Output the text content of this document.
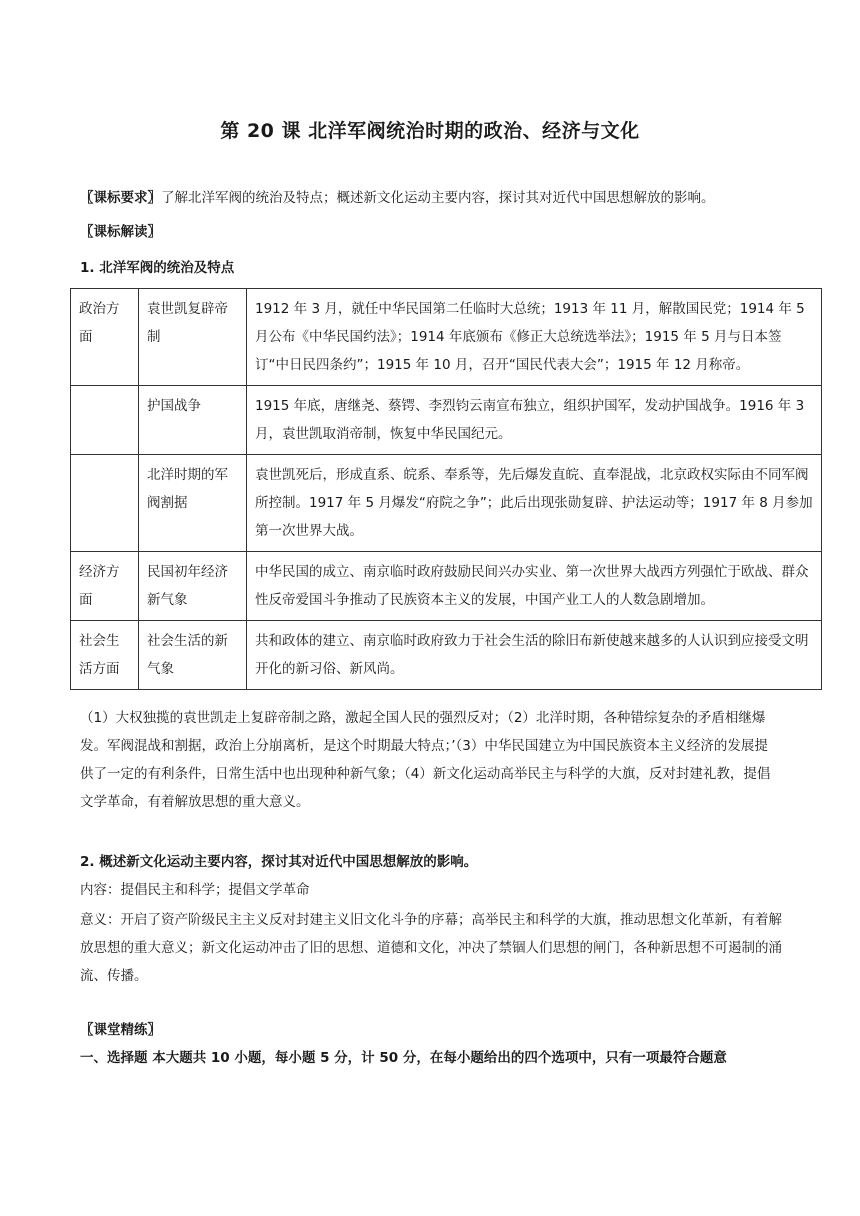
第 20 课 北洋军阀统治时期的政治、经济与文化
〖课标要求〗了解北洋军阀的统治及特点；概述新文化运动主要内容，探讨其对近代中国思想解放的影响。
〖课标解读〗
1. 北洋军阀的统治及特点
政治方面	袁世凯复辟帝制	1912 年 3 月，就任中华民国第二任临时大总统；1913 年 11 月，解散国民党；1914 年 5 月公布《中华民国约法》；1914 年底颁布《修正大总统选举法》；1915 年 5 月与日本签订“中日民四条约”；1915 年 10 月，召开“国民代表大会”；1915 年 12 月称帝。
	护国战争	1915 年底，唐继尧、蔡锷、李烈钧云南宣布独立，组织护国军，发动护国战争。1916 年 3 月，袁世凯取消帝制，恢复中华民国纪元。
	北洋时期的军阀割据	袁世凯死后，形成直系、皖系、奉系等，先后爆发直皖、直奉混战，北京政权实际由不同军阀所控制。1917 年 5 月爆发“府院之争”；此后出现张勋复辟、护法运动等；1917 年 8 月参加第一次世界大战。
经济方面	民国初年经济新气象	中华民国的成立、南京临时政府鼓励民间兴办实业、第一次世界大战西方列强忙于欧战、群众性反帝爱国斗争推动了民族资本主义的发展，中国产业工人的人数急剧增加。
社会生活方面	社会生活的新气象	共和政体的建立、南京临时政府致力于社会生活的除旧布新使越来越多的人认识到应接受文明开化的新习俗、新风尚。
（1）大权独揽的袁世凯走上复辟帝制之路，激起全国人民的强烈反对；（2）北洋时期，各种错综复杂的矛盾相继爆发。军阀混战和割据，政治上分崩离析，是这个时期最大特点；’（3）中华民国建立为中国民族资本主义经济的发展提供了一定的有利条件，日常生活中也出现种种新气象；（4）新文化运动高举民主与科学的大旗，反对封建礼教，提倡文学革命，有着解放思想的重大意义。
2. 概述新文化运动主要内容，探讨其对近代中国思想解放的影响。
内容：提倡民主和科学；提倡文学革命
意义：开启了资产阶级民主主义反对封建主义旧文化斗争的序幕；高举民主和科学的大旗，推动思想文化革新，有着解放思想的重大意义；新文化运动冲击了旧的思想、道德和文化，冲决了禁锢人们思想的闸门，各种新思想不可遏制的涌流、传播。
〖课堂精练〗
一、选择题 本大题共 10 小题，每小题 5 分，计 50 分，在每小题给出的四个选项中，只有一项最符合题意
